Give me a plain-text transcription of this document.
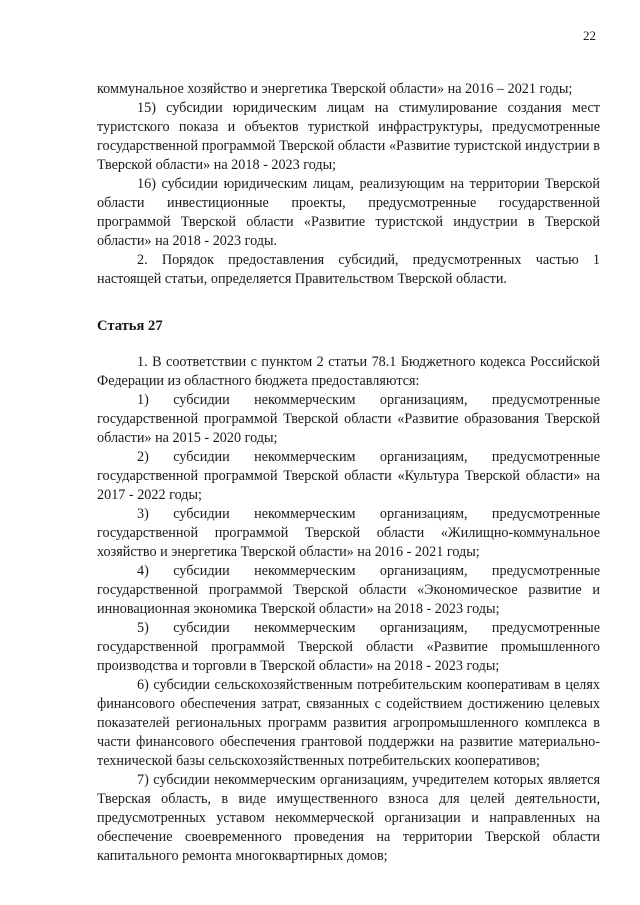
22

коммунальное хозяйство и энергетика Тверской области» на 2016 – 2021 годы;

15) субсидии юридическим лицам на стимулирование создания мест туристского показа и объектов туристкой инфраструктуры, предусмотренные государственной программой Тверской области «Развитие туристской индустрии в Тверской области» на 2018 - 2023 годы;

16) субсидии юридическим лицам, реализующим на территории Тверской области инвестиционные проекты, предусмотренные государственной программой Тверской области «Развитие туристской индустрии в Тверской области» на 2018 - 2023 годы.

2. Порядок предоставления субсидий, предусмотренных частью 1 настоящей статьи, определяется Правительством Тверской области.

Статья 27

1. В соответствии с пунктом 2 статьи 78.1 Бюджетного кодекса Российской Федерации из областного бюджета предоставляются:

1) субсидии некоммерческим организациям, предусмотренные государственной программой Тверской области «Развитие образования Тверской области» на 2015 - 2020 годы;

2) субсидии некоммерческим организациям, предусмотренные государственной программой Тверской области «Культура Тверской области» на 2017 - 2022 годы;

3) субсидии некоммерческим организациям, предусмотренные государственной программой Тверской области «Жилищно-коммунальное хозяйство и энергетика Тверской области» на 2016 - 2021 годы;

4) субсидии некоммерческим организациям, предусмотренные государственной программой Тверской области «Экономическое развитие и инновационная экономика Тверской области» на 2018 - 2023 годы;

5) субсидии некоммерческим организациям, предусмотренные государственной программой Тверской области «Развитие промышленного производства и торговли в Тверской области» на 2018 - 2023 годы;

6) субсидии сельскохозяйственным потребительским кооперативам в целях финансового обеспечения затрат, связанных с содействием достижению целевых показателей региональных программ развития агропромышленного комплекса в части финансового обеспечения грантовой поддержки на развитие материально-технической базы сельскохозяйственных потребительских кооперативов;

7) субсидии некоммерческим организациям, учредителем которых является Тверская область, в виде имущественного взноса для целей деятельности, предусмотренных уставом некоммерческой организации и направленных на обеспечение своевременного проведения на территории Тверской области капитального ремонта многоквартирных домов;
